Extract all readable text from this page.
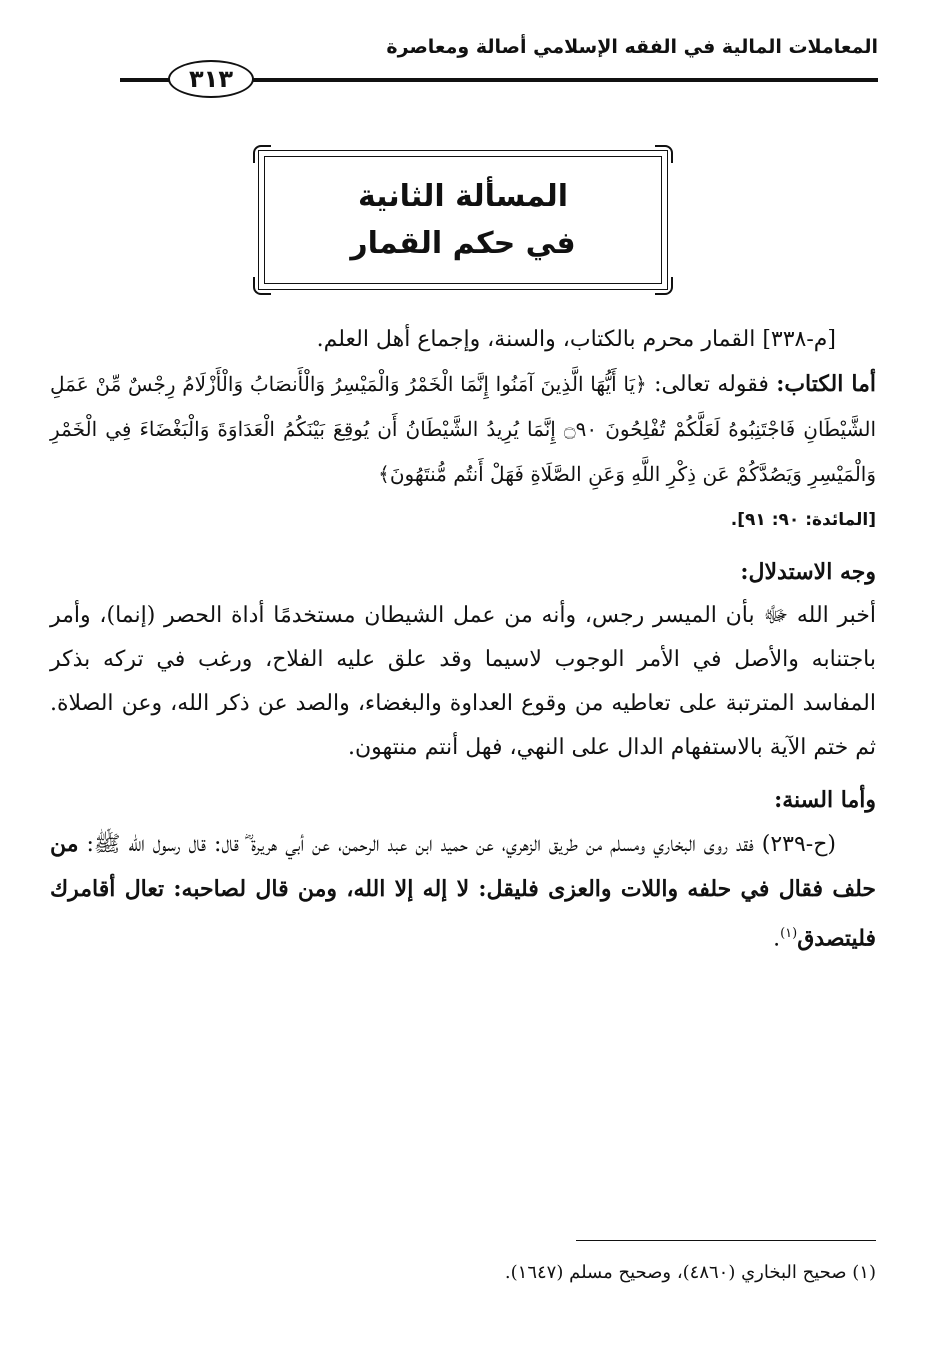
المعاملات المالية في الفقه الإسلامي أصالة ومعاصرة
٣١٣
المسألة الثانية
في حكم القمار

[م-٣٣٨] القمار محرم بالكتاب، والسنة، وإجماع أهل العلم.

أما الكتاب: فقوله تعالى: ﴿يَا أَيُّهَا الَّذِينَ آمَنُوا إِنَّمَا الْخَمْرُ وَالْمَيْسِرُ وَالْأَنصَابُ وَالْأَزْلَامُ رِجْسٌ مِّنْ عَمَلِ الشَّيْطَانِ فَاجْتَنِبُوهُ لَعَلَّكُمْ تُفْلِحُونَ ۝٩٠ إِنَّمَا يُرِيدُ الشَّيْطَانُ أَن يُوقِعَ بَيْنَكُمُ الْعَدَاوَةَ وَالْبَغْضَاءَ فِي الْخَمْرِ وَالْمَيْسِرِ وَيَصُدَّكُمْ عَن ذِكْرِ اللَّهِ وَعَنِ الصَّلَاةِ فَهَلْ أَنتُم مُّنتَهُونَ﴾

[المائدة: ٩٠: ٩١].

وجه الاستدلال:

أخبر الله ﷻ بأن الميسر رجس، وأنه من عمل الشيطان مستخدمًا أداة الحصر (إنما)، وأمر باجتنابه والأصل في الأمر الوجوب لاسيما وقد علق عليه الفلاح، ورغب في تركه بذكر المفاسد المترتبة على تعاطيه من وقوع العداوة والبغضاء، والصد عن ذكر الله، وعن الصلاة. ثم ختم الآية بالاستفهام الدال على النهي، فهل أنتم منتهون.

وأما السنة:

(ح-٢٣٩) فقد روى البخاري ومسلم من طريق الزهري، عن حميد ابن عبد الرحمن، عن أبي هريرة ؓ قال: قال رسول الله ﷺ: من حلف فقال في حلفه واللات والعزى فليقل: لا إله إلا الله، ومن قال لصاحبه: تعال أقامرك فليتصدق$^{(١)}$.

(١) صحيح البخاري (٤٨٦٠)، وصحيح مسلم (١٦٤٧).
